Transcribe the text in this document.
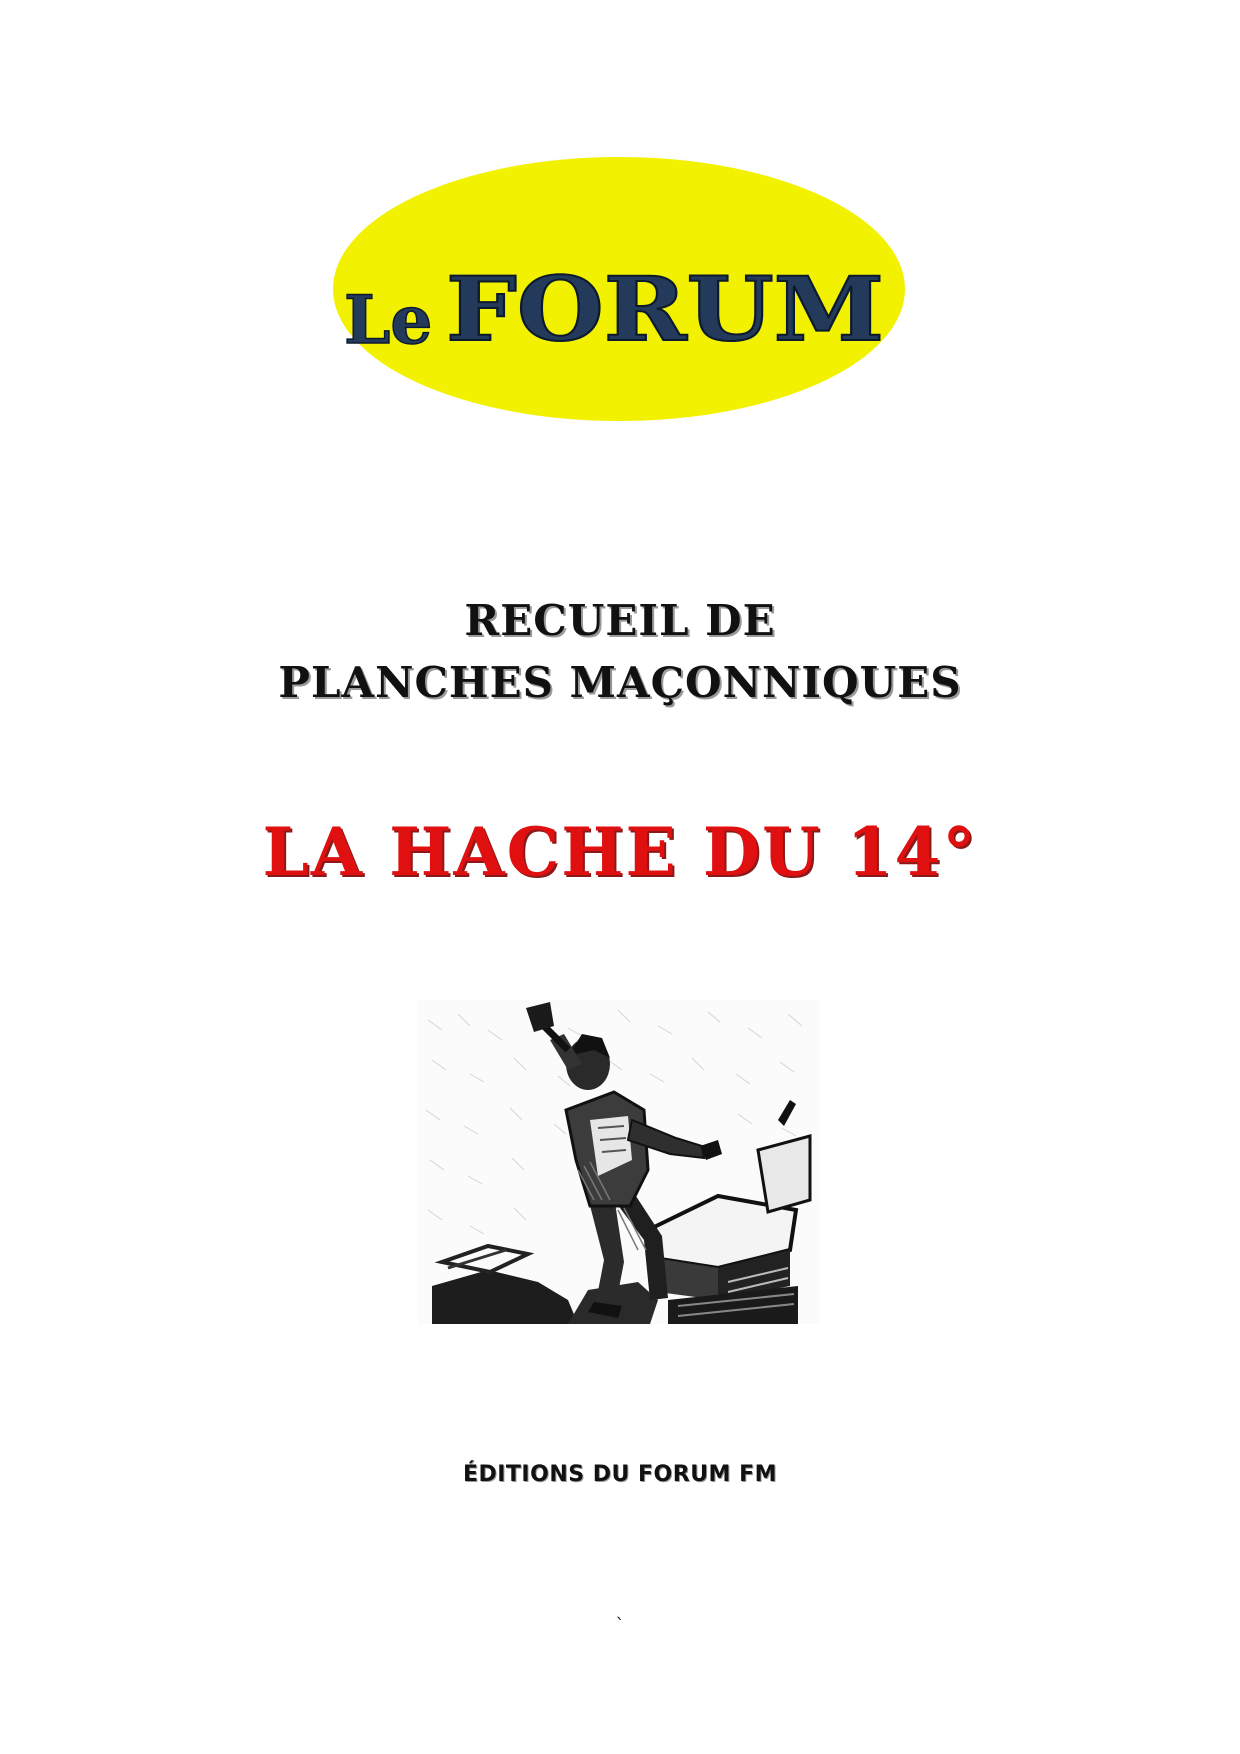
Le FORUM
RECUEIL DE
PLANCHES MAÇONNIQUES
LA HACHE DU 14°
ÉDITIONS DU FORUM FM
`
